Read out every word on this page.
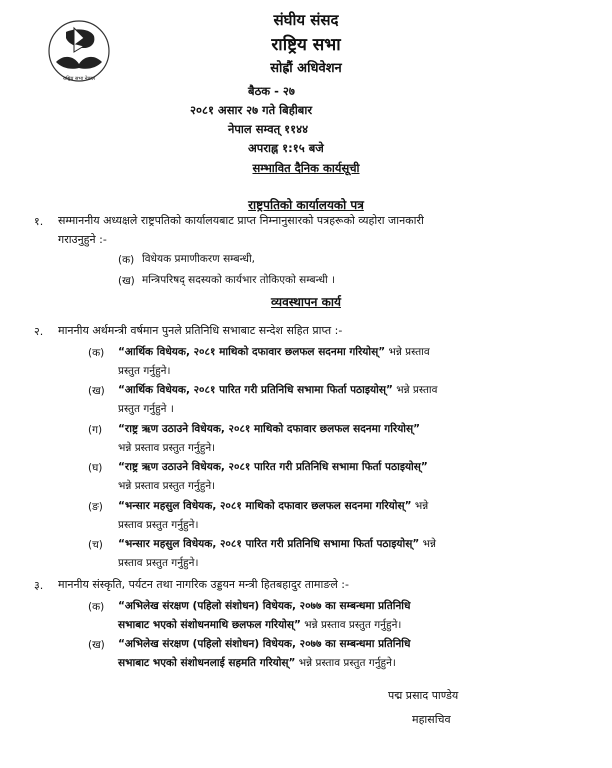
राष्ट्रिय सभा नेपाल
संघीय संसद
राष्ट्रिय सभा
सोह्रौं अधिवेशन
बैठक - २७
२०८१ असार २७ गते बिहीबार
नेपाल सम्वत् ११४४
अपराह्न १:१५ बजे
सम्भावित दैनिक कार्यसूची
राष्ट्रपतिको कार्यालयको पत्र
१. सम्माननीय अध्यक्षले राष्ट्रपतिको कार्यालयबाट प्राप्त निम्नानुसारको पत्रहरूको व्यहोरा जानकारी
गराउनुहुने :-
(क) विधेयक प्रमाणीकरण सम्बन्धी,
(ख) मन्त्रिपरिषद् सदस्यको कार्यभार तोकिएको सम्बन्धी ।
व्यवस्थापन कार्य
२. माननीय अर्थमन्त्री वर्षमान पुनले प्रतिनिधि सभाबाट सन्देश सहित प्राप्त :-
(क) “आर्थिक विधेयक, २०८१ माथिको दफावार छलफल सदनमा गरियोस्” भन्ने प्रस्ताव
प्रस्तुत गर्नुहुने।
(ख) “आर्थिक विधेयक, २०८१ पारित गरी प्रतिनिधि सभामा फिर्ता पठाइयोस्” भन्ने प्रस्ताव
प्रस्तुत गर्नुहुने ।
(ग) “राष्ट्र ऋण उठाउने विधेयक, २०८१ माथिको दफावार छलफल सदनमा गरियोस्”
भन्ने प्रस्ताव प्रस्तुत गर्नुहुने।
(घ) “राष्ट्र ऋण उठाउने विधेयक, २०८१ पारित गरी प्रतिनिधि सभामा फिर्ता पठाइयोस्”
भन्ने प्रस्ताव प्रस्तुत गर्नुहुने।
(ङ) “भन्सार महसुल विधेयक, २०८१ माथिको दफावार छलफल सदनमा गरियोस्” भन्ने
प्रस्ताव प्रस्तुत गर्नुहुने।
(च) “भन्सार महसुल विधेयक, २०८१ पारित गरी प्रतिनिधि सभामा फिर्ता पठाइयोस्” भन्ने
प्रस्ताव प्रस्तुत गर्नुहुने।
३. माननीय संस्कृति, पर्यटन तथा नागरिक उड्डयन मन्त्री हितबहादुर तामाङले :-
(क) “अभिलेख संरक्षण (पहिलो संशोधन) विधेयक, २०७७ का सम्बन्धमा प्रतिनिधि
सभाबाट भएको संशोधनमाथि छलफल गरियोस्” भन्ने प्रस्ताव प्रस्तुत गर्नुहुने।
(ख) “अभिलेख संरक्षण (पहिलो संशोधन) विधेयक, २०७७ का सम्बन्धमा प्रतिनिधि
सभाबाट भएको संशोधनलाई सहमति गरियोस्” भन्ने प्रस्ताव प्रस्तुत गर्नुहुने।
पद्म प्रसाद पाण्डेय
महासचिव
